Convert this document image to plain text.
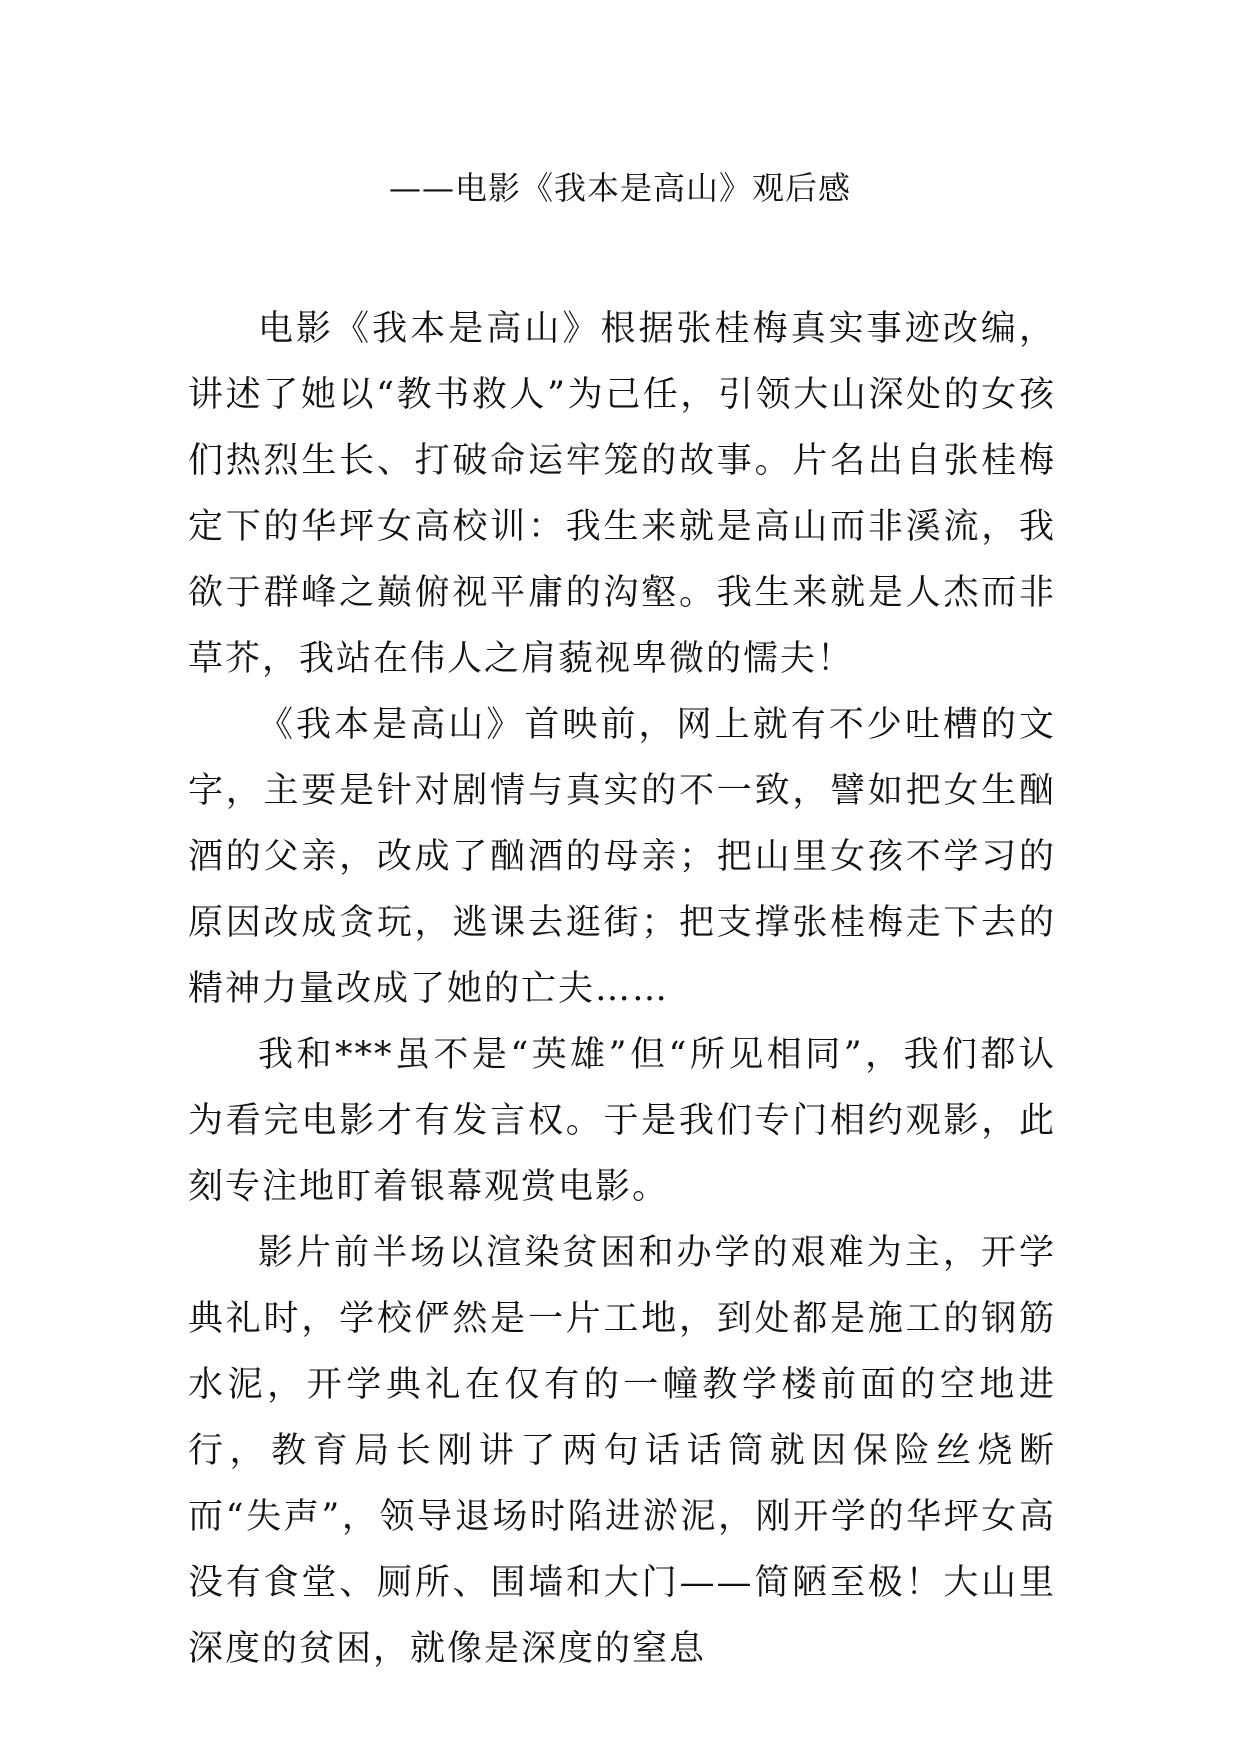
——电影《我本是高山》观后感

电影《我本是高山》根据张桂梅真实事迹改编，讲述了她以“教书救人”为己任，引领大山深处的女孩们热烈生长、打破命运牢笼的故事。片名出自张桂梅定下的华坪女高校训：我生来就是高山而非溪流，我欲于群峰之巅俯视平庸的沟壑。我生来就是人杰而非草芥，我站在伟人之肩藐视卑微的懦夫！

《我本是高山》首映前，网上就有不少吐槽的文字，主要是针对剧情与真实的不一致，譬如把女生酗酒的父亲，改成了酗酒的母亲；把山里女孩不学习的原因改成贪玩，逃课去逛街；把支撑张桂梅走下去的精神力量改成了她的亡夫……

我和***虽不是“英雄”但“所见相同”，我们都认为看完电影才有发言权。于是我们专门相约观影，此刻专注地盯着银幕观赏电影。

影片前半场以渲染贫困和办学的艰难为主，开学典礼时，学校俨然是一片工地，到处都是施工的钢筋水泥，开学典礼在仅有的一幢教学楼前面的空地进行，教育局长刚讲了两句话话筒就因保险丝烧断而“失声”，领导退场时陷进淤泥，刚开学的华坪女高没有食堂、厕所、围墙和大门——简陋至极！大山里深度的贫困，就像是深度的窒息
